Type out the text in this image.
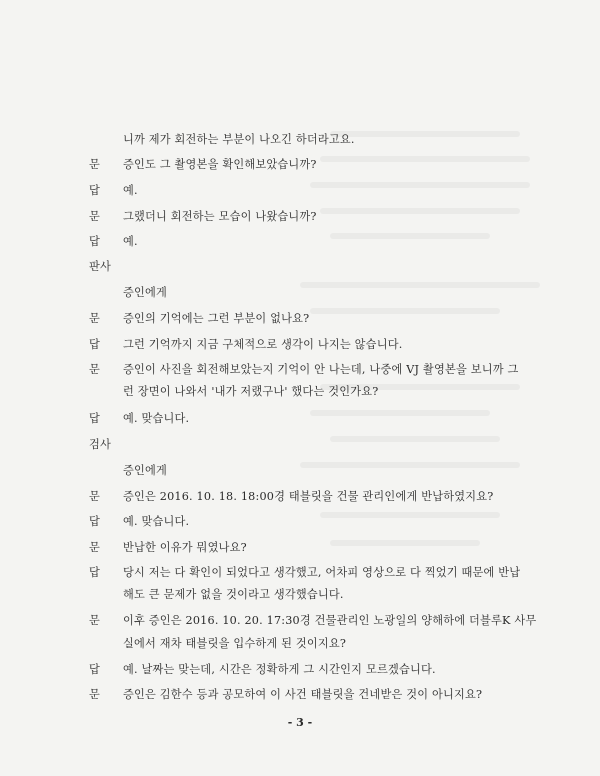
니까 제가 회전하는 부분이 나오긴 하더라고요.
문	증인도 그 촬영본을 확인해보았습니까?
답	예.
문	그랬더니 회전하는 모습이 나왔습니까?
답	예.
판사
증인에게
문	증인의 기억에는 그런 부분이 없나요?
답	그런 기억까지 지금 구체적으로 생각이 나지는 않습니다.
문	증인이 사진을 회전해보았는지 기억이 안 나는데, 나중에 VJ 촬영본을 보니까 그
런 장면이 나와서 '내가 저랬구나' 했다는 것인가요?
답	예. 맞습니다.
검사
증인에게
문	증인은 2016. 10. 18. 18:00경 태블릿을 건물 관리인에게 반납하였지요?
답	예. 맞습니다.
문	반납한 이유가 뭐였나요?
답	당시 저는 다 확인이 되었다고 생각했고, 어차피 영상으로 다 찍었기 때문에 반납
해도 큰 문제가 없을 것이라고 생각했습니다.
문	이후 증인은 2016. 10. 20. 17:30경 건물관리인 노광일의 양해하에 더블루K 사무
실에서 재차 태블릿을 입수하게 된 것이지요?
답	예. 날짜는 맞는데, 시간은 정확하게 그 시간인지 모르겠습니다.
문	증인은 김한수 등과 공모하여 이 사건 태블릿을 건네받은 것이 아니지요?
- 3 -
